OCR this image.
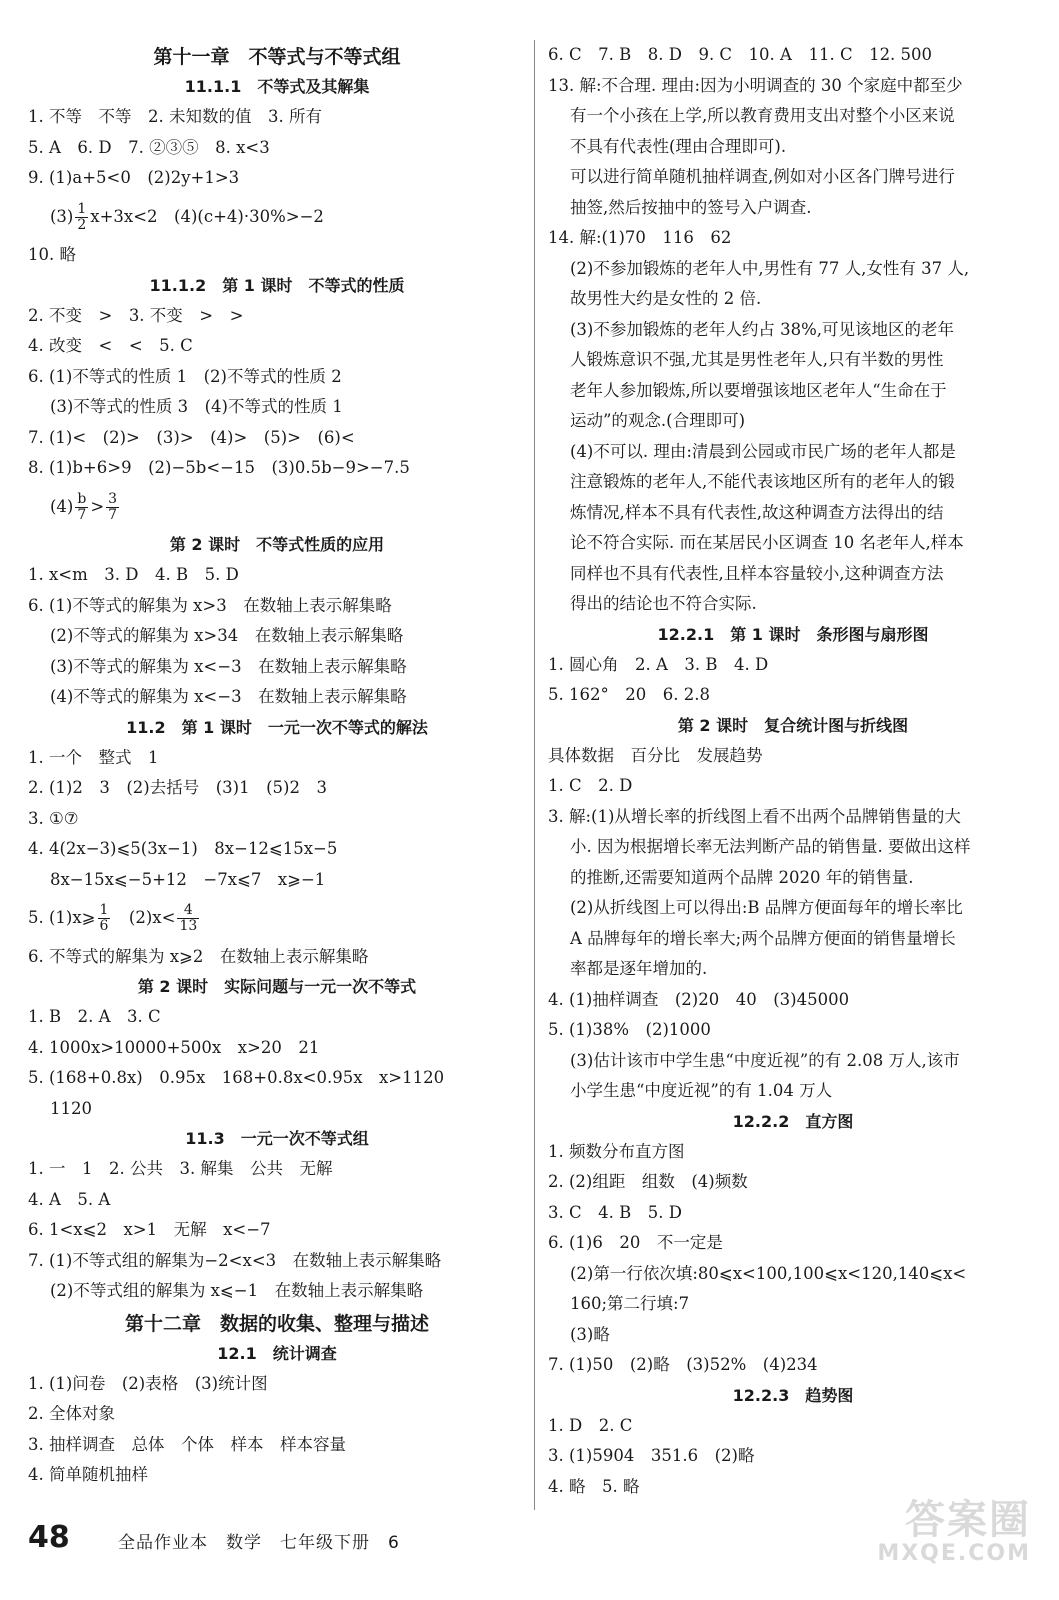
第十一章　不等式与不等式组
11.1.1　不等式及其解集
1. 不等　不等　2. 未知数的值　3. 所有
5. A　6. D　7. ②③⑤　8. x<3
9. (1)a+5<0　(2)2y+1>3
$(3) \frac{1}{2} x+3x<2$　(4)(c+4)·30%>−2
10. 略
11.1.2　第 1 课时　不等式的性质
2. 不变　>　3. 不变　>　>
4. 改变　<　<　5. C
6. (1)不等式的性质 1　(2)不等式的性质 2
(3)不等式的性质 3　(4)不等式的性质 1
7. (1)<　(2)>　(3)>　(4)>　(5)>　(6)<
8. (1)b+6>9　(2)−5b<−15　(3)0.5b−9>−7.5
$(4) \frac{b}{7} > \frac{3}{7}$
第 2 课时　不等式性质的应用
1. x<m　3. D　4. B　5. D
6. (1)不等式的解集为 x>3　在数轴上表示解集略
(2)不等式的解集为 x>34　在数轴上表示解集略
(3)不等式的解集为 x<−3　在数轴上表示解集略
(4)不等式的解集为 x<−3　在数轴上表示解集略
11.2　第 1 课时　一元一次不等式的解法
1. 一个　整式　1
2. (1)2　3　(2)去括号　(3)1　(5)2　3
3. ①⑦
4. 4(2x−3)⩽5(3x−1)　8x−12⩽15x−5
8x−15x⩽−5+12　−7x⩽7　x⩾−1
5. (1)x⩾ $\frac{1}{6}$
　 $(2)x< \frac{4}{13}$
6. 不等式的解集为 x⩾2　在数轴上表示解集略
第 2 课时　实际问题与一元一次不等式
1. B　2. A　3. C
4. 1000x>10000+500x　x>20　21
5. (168+0.8x)　0.95x　168+0.8x<0.95x　x>1120
1120
11.3　一元一次不等式组
1. 一　1　2. 公共　3. 解集　公共　无解
4. A　5. A
6. 1<x⩽2　x>1　无解　x<−7
7. (1)不等式组的解集为−2<x<3　在数轴上表示解集略
(2)不等式组的解集为 x⩽−1　在数轴上表示解集略
第十二章　数据的收集、整理与描述
12.1　统计调查
1. (1)问卷　(2)表格　(3)统计图
2. 全体对象
3. 抽样调查　总体　个体　样本　样本容量
4. 简单随机抽样
6. C　7. B　8. D　9. C　10. A　11. C　12. 500
13. 解:不合理. 理由:因为小明调查的 30 个家庭中都至少
有一个小孩在上学,所以教育费用支出对整个小区来说
不具有代表性(理由合理即可).
可以进行简单随机抽样调查,例如对小区各门牌号进行
抽签,然后按抽中的签号入户调查.
14. 解:(1)70　116　62
(2)不参加锻炼的老年人中,男性有 77 人,女性有 37 人,
故男性大约是女性的 2 倍.
(3)不参加锻炼的老年人约占 38%,可见该地区的老年
人锻炼意识不强,尤其是男性老年人,只有半数的男性
老年人参加锻炼,所以要增强该地区老年人“生命在于
运动”的观念.(合理即可)
(4)不可以. 理由:清晨到公园或市民广场的老年人都是
注意锻炼的老年人,不能代表该地区所有的老年人的锻
炼情况,样本不具有代表性,故这种调查方法得出的结
论不符合实际. 而在某居民小区调查 10 名老年人,样本
同样也不具有代表性,且样本容量较小,这种调查方法
得出的结论也不符合实际.
12.2.1　第 1 课时　条形图与扇形图
1. 圆心角　2. A　3. B　4. D
5. 162°　20　6. 2.8
第 2 课时　复合统计图与折线图
具体数据　百分比　发展趋势
1. C　2. D
3. 解:(1)从增长率的折线图上看不出两个品牌销售量的大
小. 因为根据增长率无法判断产品的销售量. 要做出这样
的推断,还需要知道两个品牌 2020 年的销售量.
(2)从折线图上可以得出:B 品牌方便面每年的增长率比
A 品牌每年的增长率大;两个品牌方便面的销售量增长
率都是逐年增加的.
4. (1)抽样调查　(2)20　40　(3)45000
5. (1)38%　(2)1000
(3)估计该市中学生患“中度近视”的有 2.08 万人,该市
小学生患“中度近视”的有 1.04 万人
12.2.2　直方图
1. 频数分布直方图
2. (2)组距　组数　(4)频数
3. C　4. B　5. D
6. (1)6　20　不一定是
(2)第一行依次填:80⩽x<100,100⩽x<120,140⩽x<
160;第二行填:7
(3)略
7. (1)50　(2)略　(3)52%　(4)234
12.2.3　趋势图
1. D　2. C
3. (1)5904　351.6　(2)略
4. 略　5. 略
答案圈
MXQE.COM
48	全品作业本　数学　七年级下册　6
